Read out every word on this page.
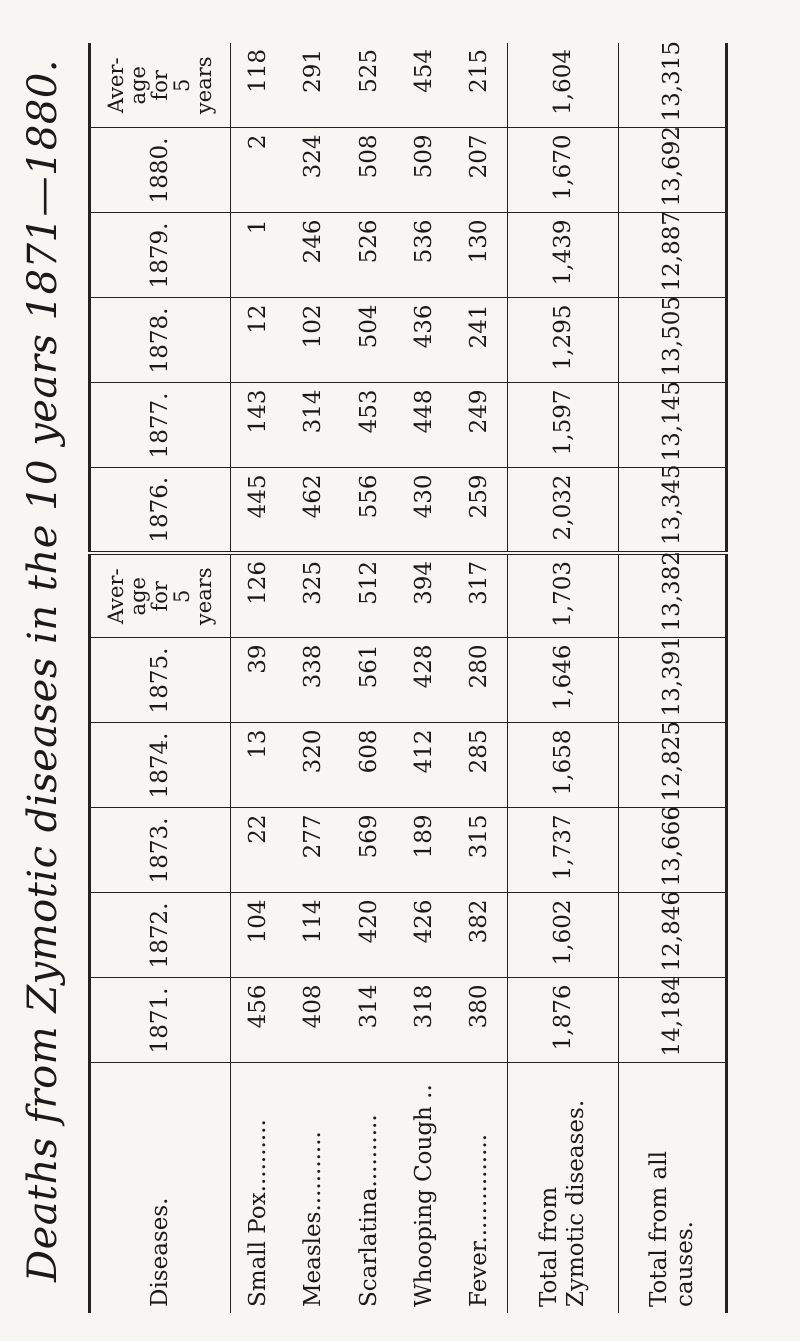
Deaths from Zymotic diseases in the 10 years 1871—1880.	Diseases.	1871.	1872.	1873.	1874.	1875.	Aver-
age
for
5 years	1876.	1877.	1878.	1879.	1880.	Aver-
age
for
5 years
Small Pox..........	456	104	22	13	39	126	445	143	12	1	2	118
Measles...........	408	114	277	320	338	325	462	314	102	246	324	291
Scarlatina..........	314	420	569	608	561	512	556	453	504	526	508	525
Whooping Cough ..	318	426	189	412	428	394	430	448	436	536	509	454
Fever...............	380	382	315	285	280	317	259	249	241	130	207	215
Total from
Zymotic diseases.	1,876	1,602	1,737	1,658	1,646	1,703	2,032	1,597	1,295	1,439	1,670	1,604
Total from all causes.	14,184	12,846	13,666	12,825	13,391	13,382	13,345	13,145	13,505	12,887	13,692	13,315
